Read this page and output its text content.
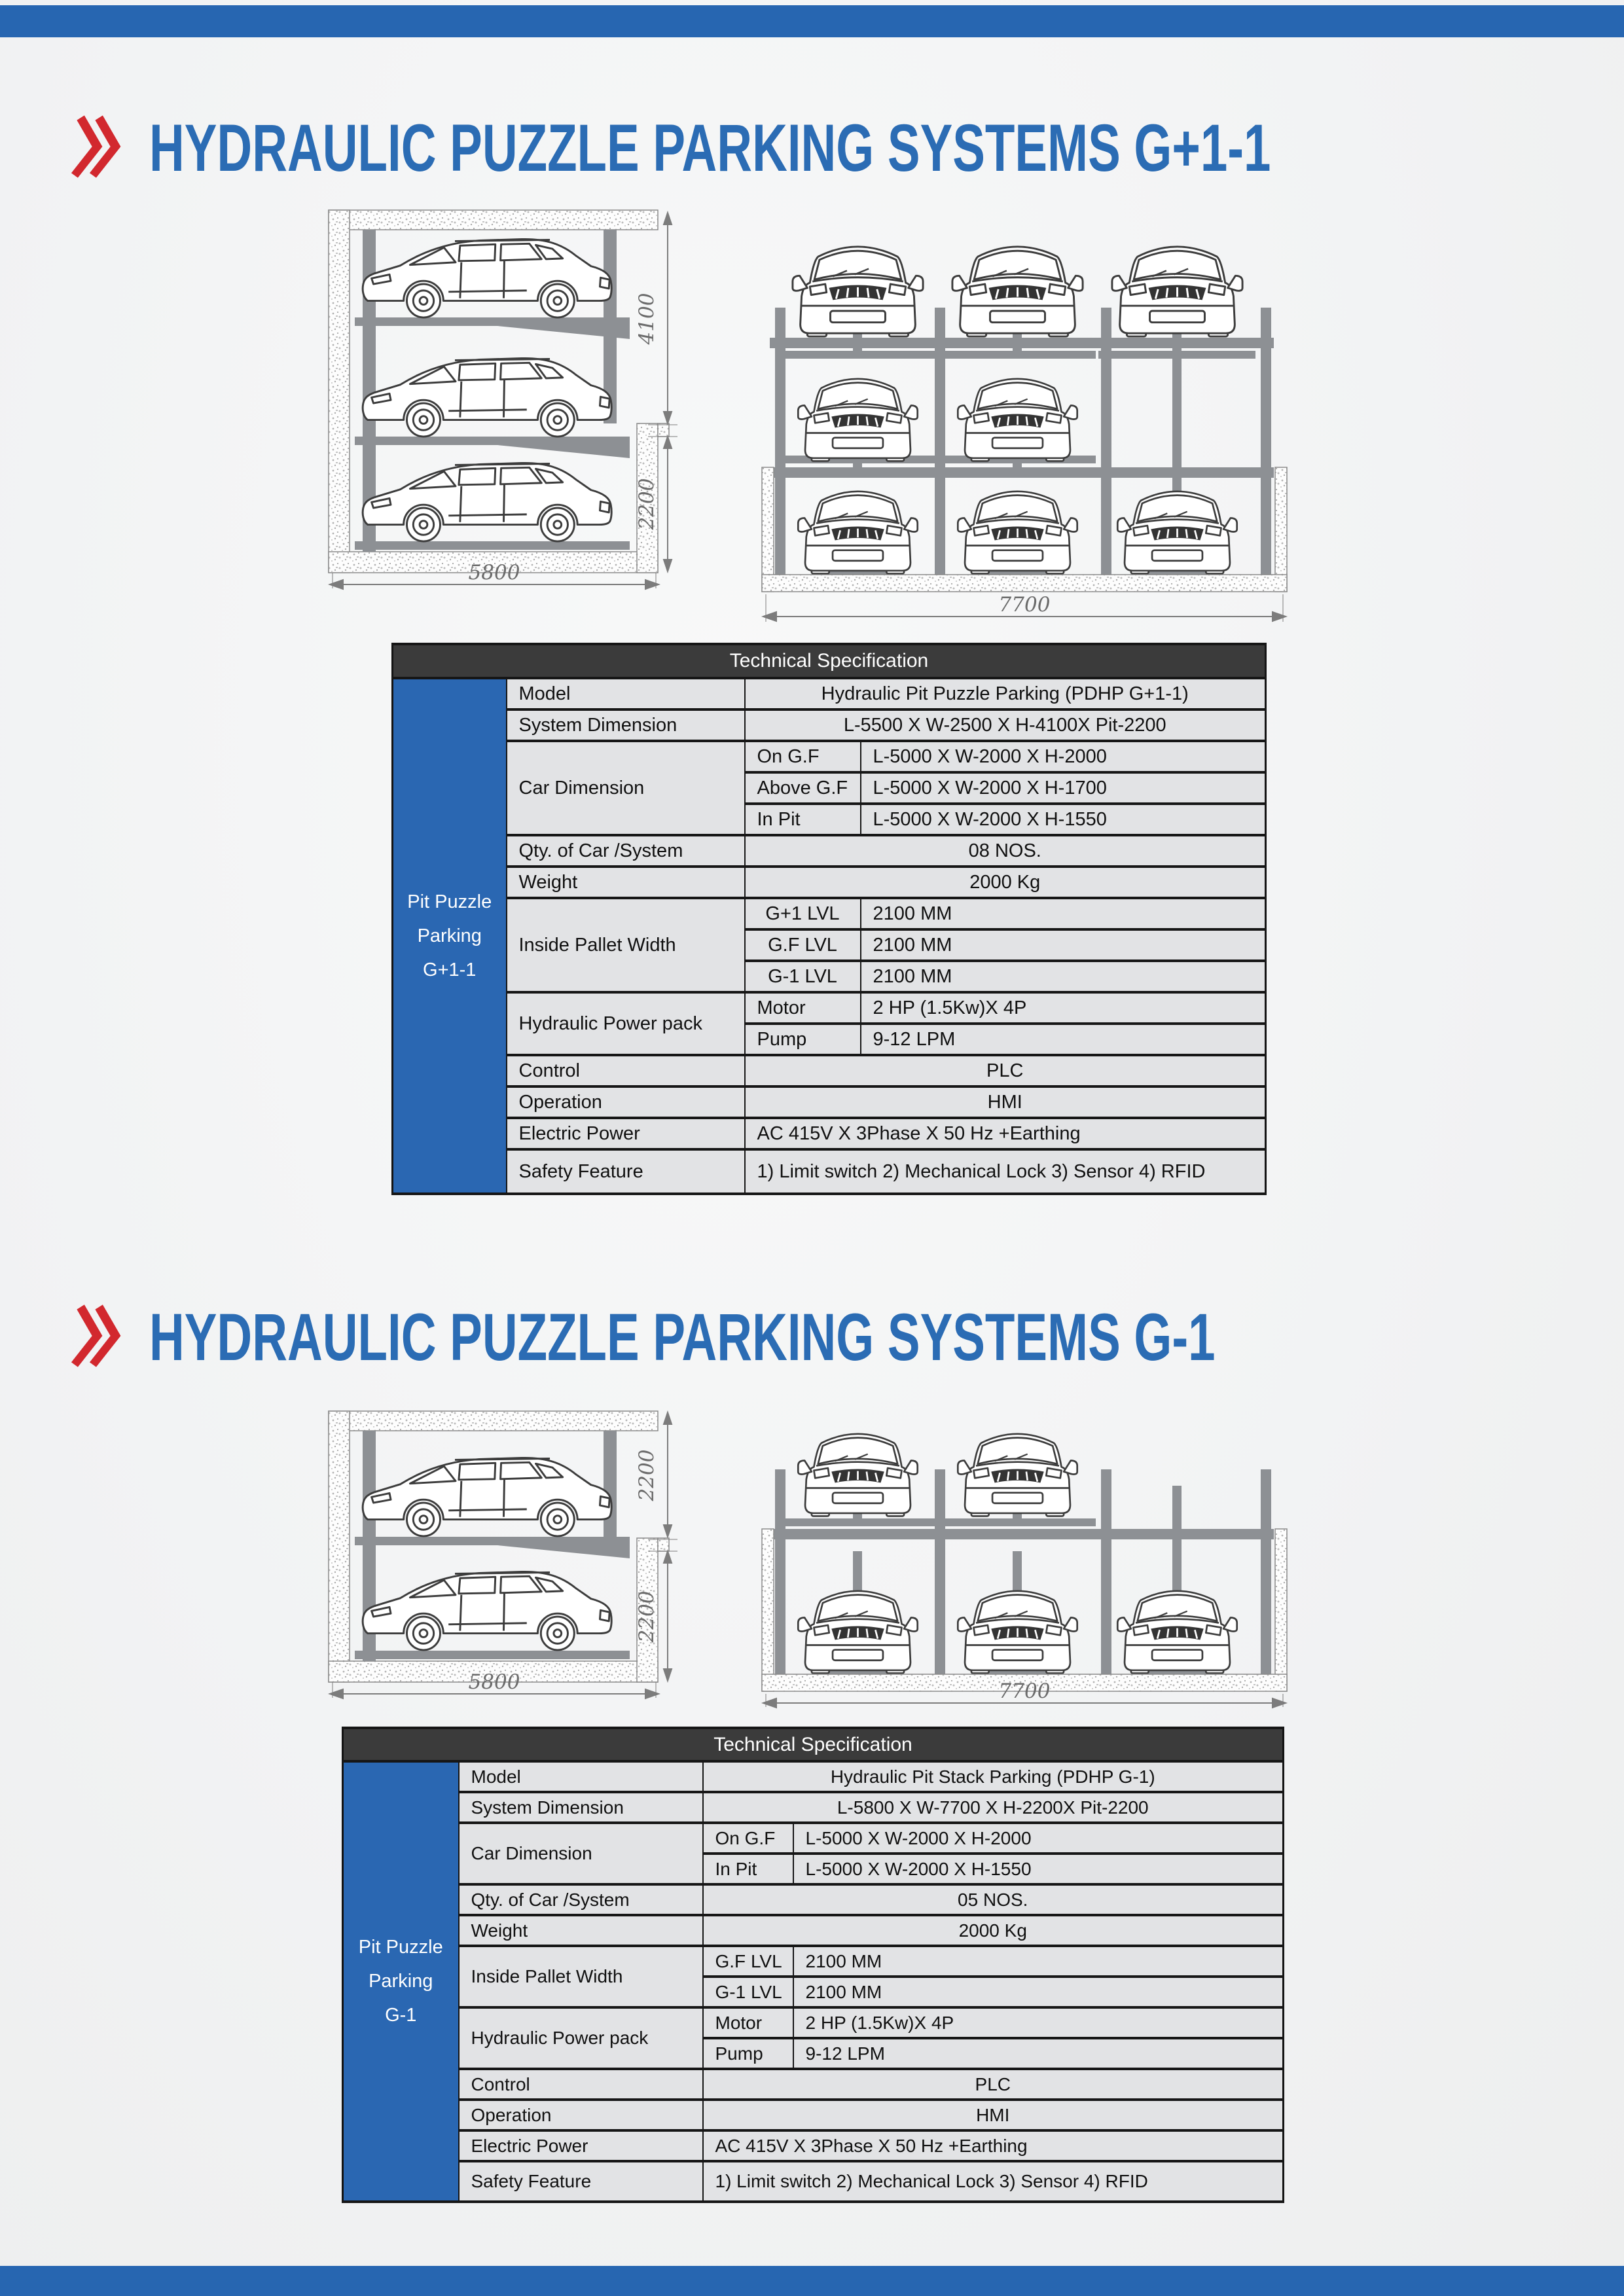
HYDRAULIC PUZZLE PARKING SYSTEMS G+1-1
4100
2200
5800
7700
Technical Specification			

Pit Puzzle
Parking
G+1-1	Model	Hydraulic Pit Puzzle Parking (PDHP G+1-1)	
	System Dimension	L-5500 X W-2500 X H-4100X Pit-2200	
	Car Dimension	On G.F	L-5000 X W-2000 X H-2000
		Above G.F	L-5000 X W-2000 X H-1700
		In Pit	L-5000 X W-2000 X H-1550
	Qty. of Car /System	08 NOS.	
	Weight	2000 Kg	
	Inside Pallet Width	G+1 LVL	2100 MM
		G.F LVL	2100 MM
		G-1 LVL	2100 MM
	Hydraulic Power pack	Motor	2 HP (1.5Kw)X 4P
		Pump	9-12 LPM
	Control	PLC	
	Operation	HMI	
	Electric Power	AC 415V X 3Phase X 50 Hz +Earthing	
	Safety Feature	1) Limit switch 2) Mechanical Lock 3) Sensor 4) RFID	
HYDRAULIC PUZZLE PARKING SYSTEMS G-1
2200
2200
5800	7700
Technical Specification			

Pit Puzzle
Parking
G-1	Model	Hydraulic Pit Stack Parking (PDHP G-1)	
	System Dimension	L-5800 X W-7700 X H-2200X Pit-2200	
	Car Dimension	On G.F	L-5000 X W-2000 X H-2000
		In Pit	L-5000 X W-2000 X H-1550
	Qty. of Car /System	05 NOS.	
	Weight	2000 Kg	
	Inside Pallet Width	G.F LVL	2100 MM
		G-1 LVL	2100 MM
	Hydraulic Power pack	Motor	2 HP (1.5Kw)X 4P
		Pump	9-12 LPM
	Control	PLC	
	Operation	HMI	
	Electric Power	AC 415V X 3Phase X 50 Hz +Earthing	
	Safety Feature	1) Limit switch 2) Mechanical Lock 3) Sensor 4) RFID	
